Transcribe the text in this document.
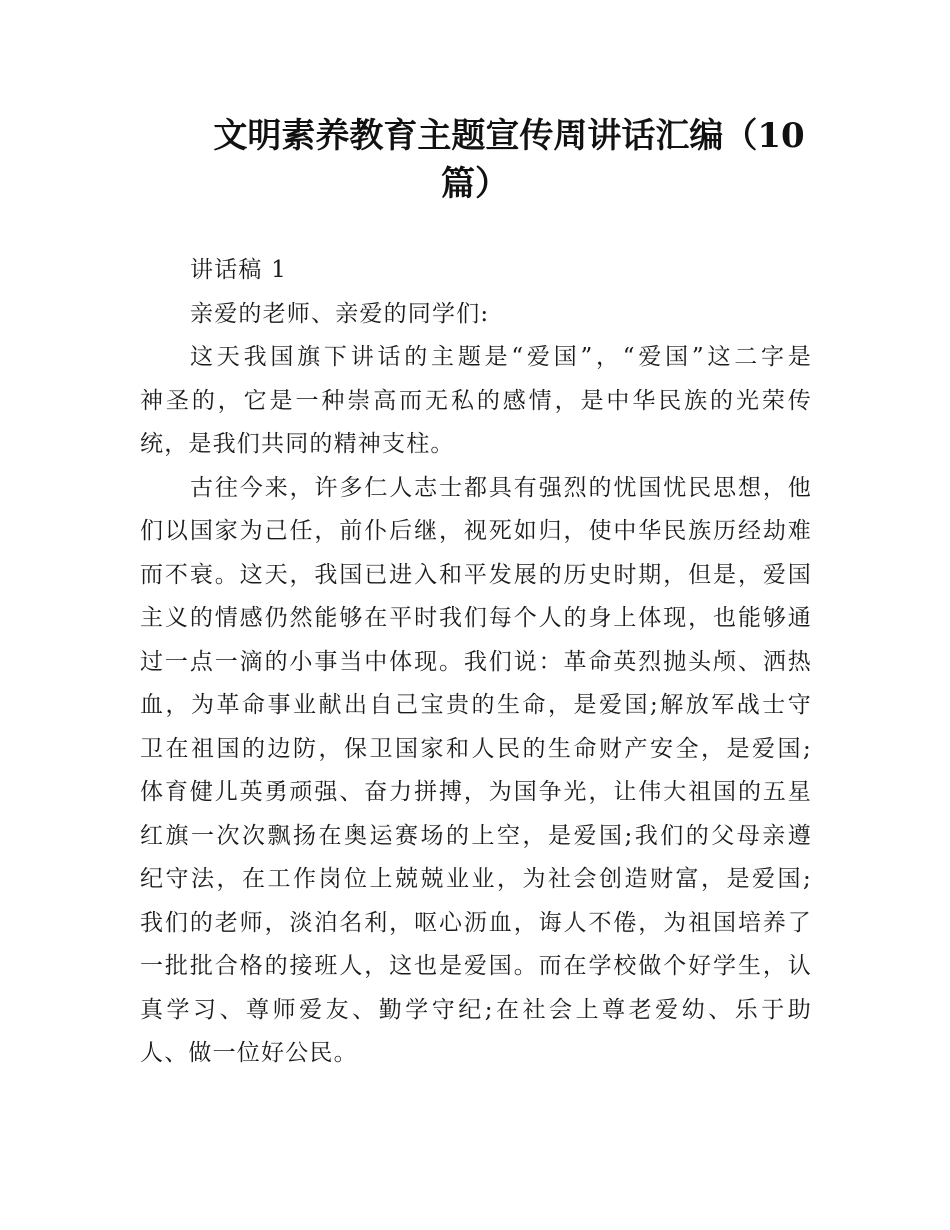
文明素养教育主题宣传周讲话汇编（10
篇）

讲话稿 1

亲爱的老师、亲爱的同学们:

这天我国旗下讲话的主题是“爱国”，“爱国”这二字是
神圣的，它是一种崇高而无私的感情，是中华民族的光荣传
统，是我们共同的精神支柱。

古往今来，许多仁人志士都具有强烈的忧国忧民思想，他
们以国家为己任，前仆后继，视死如归，使中华民族历经劫难
而不衰。这天，我国已进入和平发展的历史时期，但是，爱国
主义的情感仍然能够在平时我们每个人的身上体现，也能够通
过一点一滴的小事当中体现。我们说：革命英烈抛头颅、洒热
血，为革命事业献出自己宝贵的生命，是爱国;解放军战士守
卫在祖国的边防，保卫国家和人民的生命财产安全，是爱国;
体育健儿英勇顽强、奋力拼搏，为国争光，让伟大祖国的五星
红旗一次次飘扬在奥运赛场的上空，是爱国;我们的父母亲遵
纪守法，在工作岗位上兢兢业业，为社会创造财富，是爱国;
我们的老师，淡泊名利，呕心沥血，诲人不倦，为祖国培养了
一批批合格的接班人，这也是爱国。而在学校做个好学生，认
真学习、尊师爱友、勤学守纪;在社会上尊老爱幼、乐于助
人、做一位好公民。
